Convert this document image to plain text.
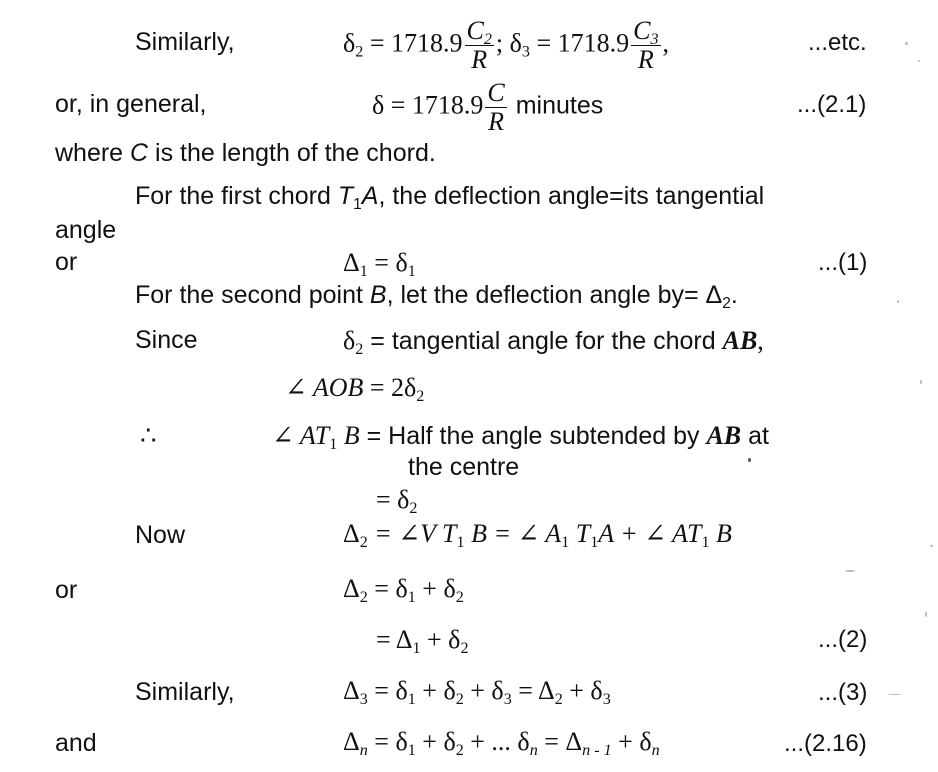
Similarly,	$\delta_2 = 1718.9 \frac{C_2}{R}$ ; $\delta_3 = 1718.9 \frac{C_3}{R}$ ,	...etc.
or, in general,	$\delta = 1718.9 \frac{C}{R}$ minutes	...(2.1)
where C is the length of the chord.
For the first chord $T_1A$, the deflection angle=its tangential
angle
or	$\Delta_1 = \delta_1$	...(1)
For the second point B, let the deflection angle $by= \Delta_2$.
Since	$\delta_2$ = tangential angle for the chord AB,
∠ AOB = $2\delta_2$
∴	∠ $AT_1$ B = Half the angle subtended by AB at
the centre
= $\delta_2$
Now	$\Delta_2$ = ∠V $T_1$ B = ∠ $A_1$ $T_1A$ + ∠ $AT_1$ B
or	$\Delta_2 = \delta_1 + \delta_2$
= $\Delta_1 + \delta_2$	...(2)
Similarly,	$\Delta_3 = \delta_1 + \delta_2 + \delta_3 = \Delta_2 + \delta_3$	...(3)
and	$\Delta_n = \delta_1 + \delta_2$ + ... $\delta_n = \Delta_{n - 1} + \delta_n$	...(2.16)
